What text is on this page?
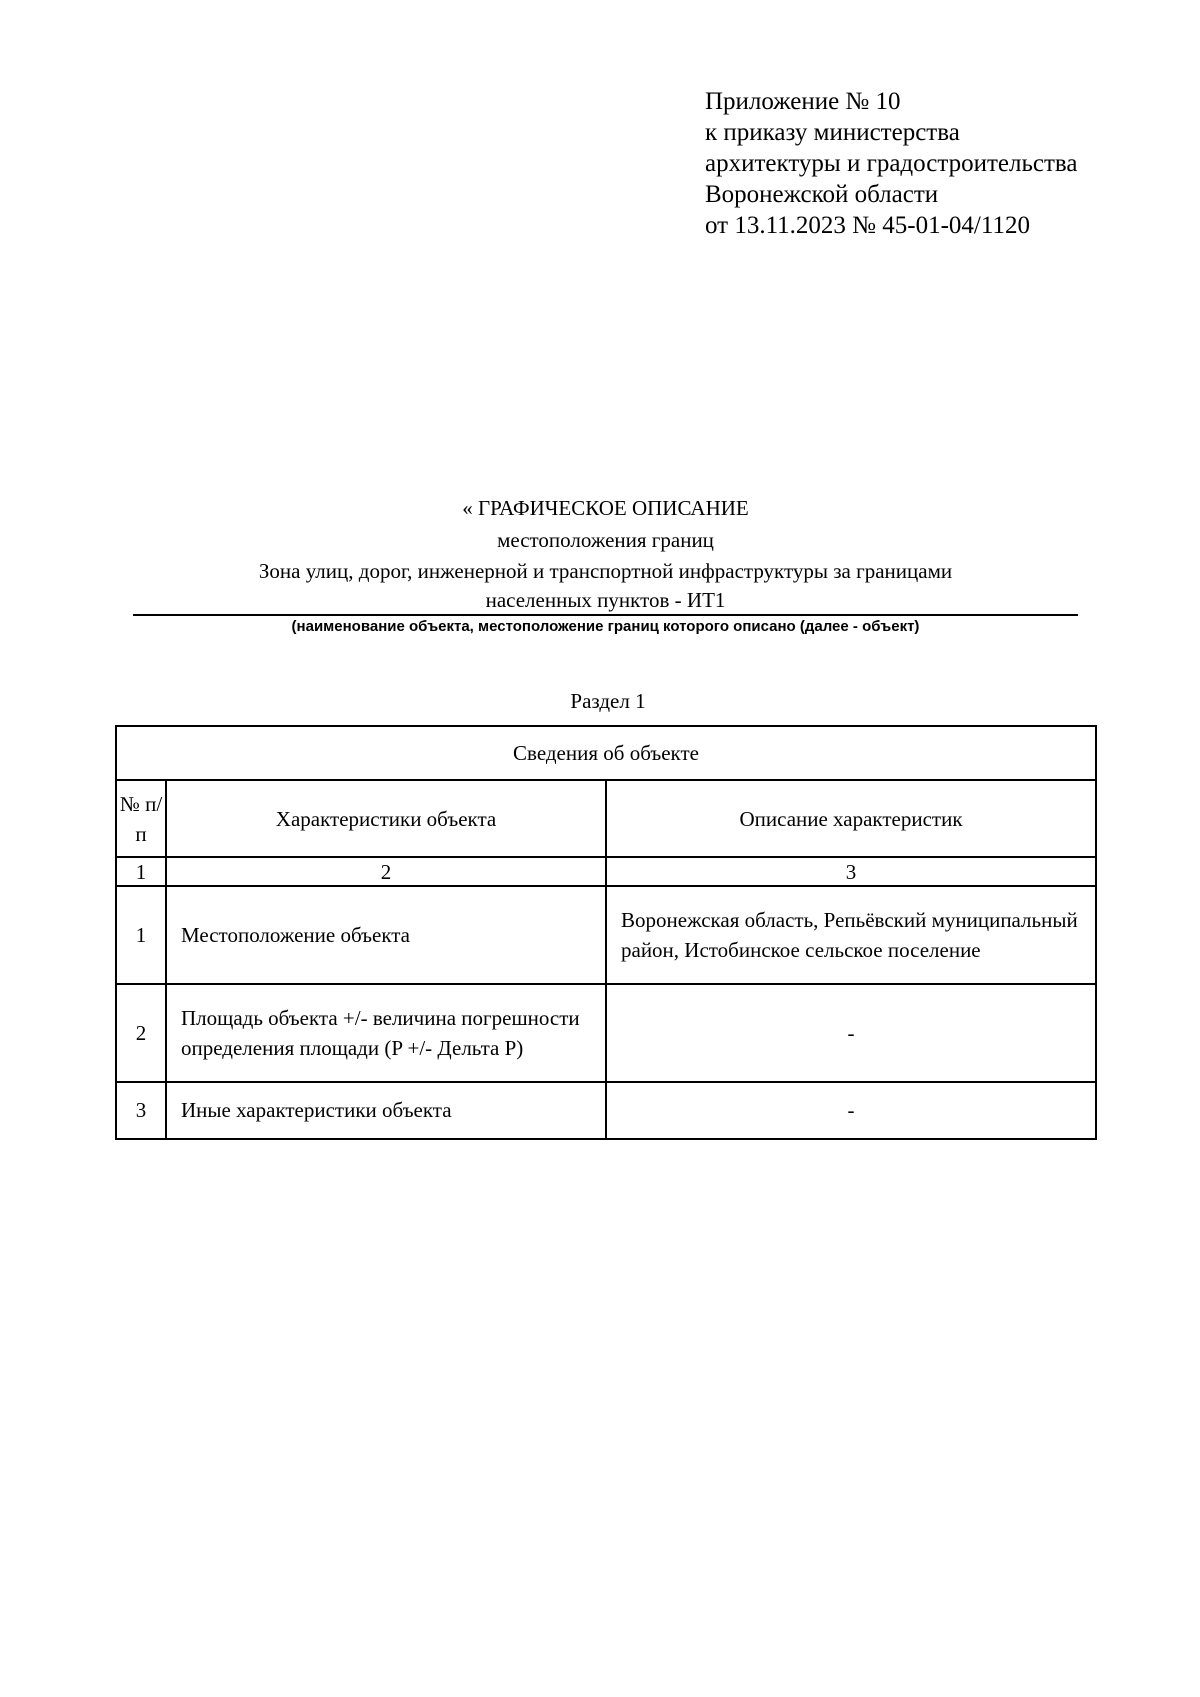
Приложение № 10
к приказу министерства
архитектуры и градостроительства
Воронежской области
от 13.11.2023 № 45-01-04/1120
« ГРАФИЧЕСКОЕ ОПИСАНИЕ
местоположения границ
Зона улиц, дорог, инженерной и транспортной инфраструктуры за границами
населенных пунктов - ИТ1
(наименование объекта, местоположение границ которого описано (далее - объект)
Раздел 1
Сведения об объекте		
№ п/п	Характеристики объекта	Описание характеристик
1	2	3
1	Местоположение объекта	Воронежская область, Репьёвский муниципальный район, Истобинское сельское поселение
2	Площадь объекта +/- величина погрешности определения площади (P +/- Дельта P)	-
3	Иные характеристики объекта	-
